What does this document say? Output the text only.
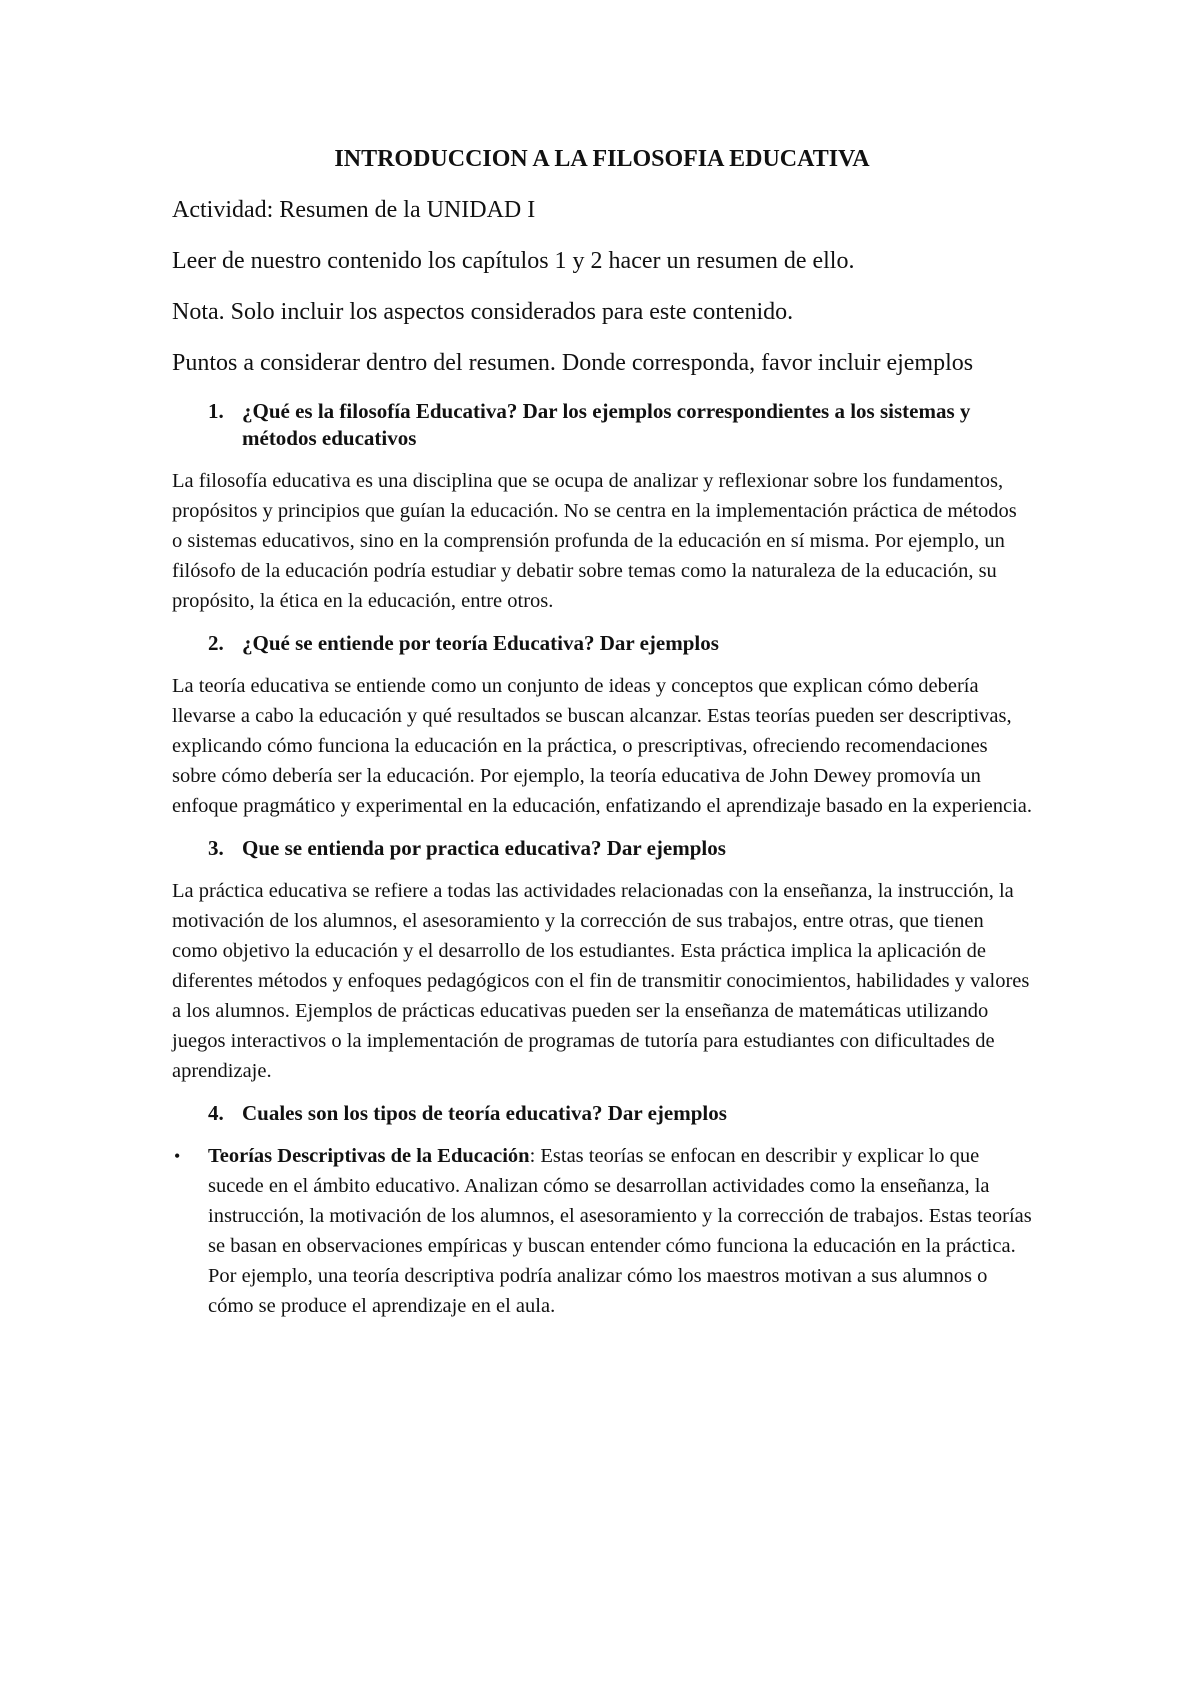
INTRODUCCION A LA FILOSOFIA EDUCATIVA
Actividad: Resumen de la UNIDAD I
Leer de nuestro contenido los capítulos 1 y 2 hacer un resumen de ello.
Nota. Solo incluir los aspectos considerados para este contenido.
Puntos a considerar dentro del resumen. Donde corresponda, favor incluir ejemplos
1. ¿Qué es la filosofía Educativa? Dar los ejemplos correspondientes a los sistemas y métodos educativos
La filosofía educativa es una disciplina que se ocupa de analizar y reflexionar sobre los fundamentos, propósitos y principios que guían la educación. No se centra en la implementación práctica de métodos o sistemas educativos, sino en la comprensión profunda de la educación en sí misma. Por ejemplo, un filósofo de la educación podría estudiar y debatir sobre temas como la naturaleza de la educación, su propósito, la ética en la educación, entre otros.
2. ¿Qué se entiende por teoría Educativa? Dar ejemplos
La teoría educativa se entiende como un conjunto de ideas y conceptos que explican cómo debería llevarse a cabo la educación y qué resultados se buscan alcanzar. Estas teorías pueden ser descriptivas, explicando cómo funciona la educación en la práctica, o prescriptivas, ofreciendo recomendaciones sobre cómo debería ser la educación. Por ejemplo, la teoría educativa de John Dewey promovía un enfoque pragmático y experimental en la educación, enfatizando el aprendizaje basado en la experiencia.
3. Que se entienda por practica educativa? Dar ejemplos
La práctica educativa se refiere a todas las actividades relacionadas con la enseñanza, la instrucción, la motivación de los alumnos, el asesoramiento y la corrección de sus trabajos, entre otras, que tienen como objetivo la educación y el desarrollo de los estudiantes. Esta práctica implica la aplicación de diferentes métodos y enfoques pedagógicos con el fin de transmitir conocimientos, habilidades y valores a los alumnos. Ejemplos de prácticas educativas pueden ser la enseñanza de matemáticas utilizando juegos interactivos o la implementación de programas de tutoría para estudiantes con dificultades de aprendizaje.
4. Cuales son los tipos de teoría educativa? Dar ejemplos
•	Teorías Descriptivas de la Educación: Estas teorías se enfocan en describir y explicar lo que sucede en el ámbito educativo. Analizan cómo se desarrollan actividades como la enseñanza, la instrucción, la motivación de los alumnos, el asesoramiento y la corrección de trabajos. Estas teorías se basan en observaciones empíricas y buscan entender cómo funciona la educación en la práctica. Por ejemplo, una teoría descriptiva podría analizar cómo los maestros motivan a sus alumnos o cómo se produce el aprendizaje en el aula.
